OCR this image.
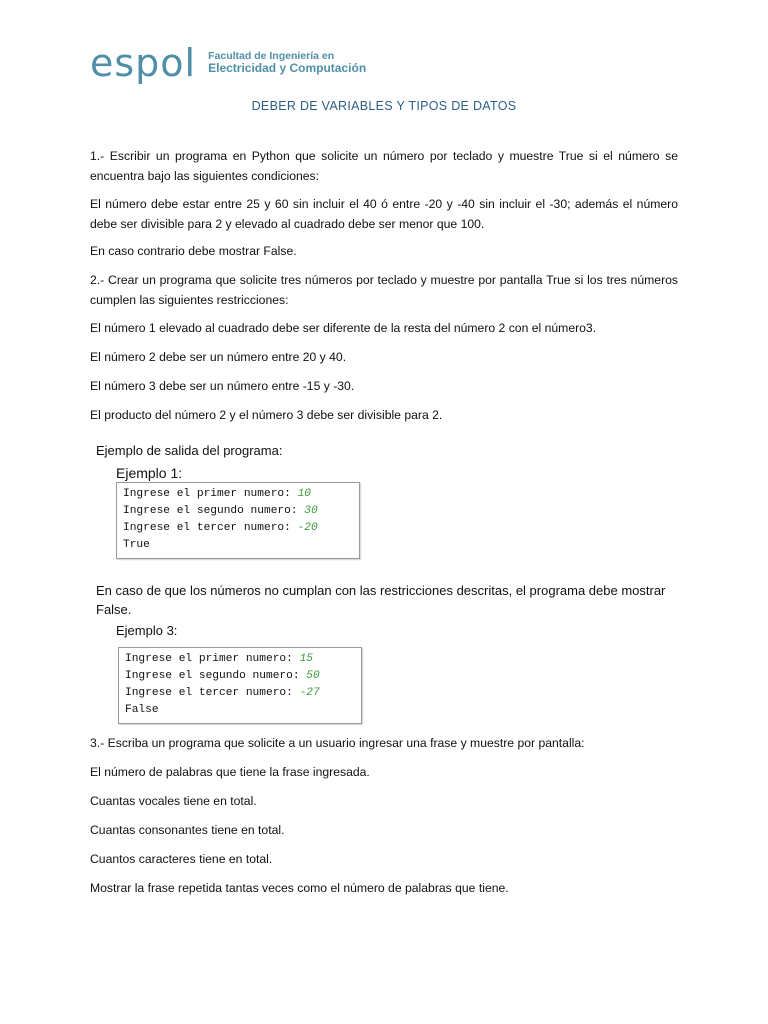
espol Facultad de Ingeniería en
Electricidad y Computación
DEBER DE VARIABLES Y TIPOS DE DATOS
1.- Escribir un programa en Python que solicite un número por teclado y muestre True si el número se encuentra bajo las siguientes condiciones:
El número debe estar entre 25 y 60 sin incluir el 40 ó entre -20 y -40 sin incluir el -30; además el número debe ser divisible para 2 y elevado al cuadrado debe ser menor que 100.
En caso contrario debe mostrar False.
2.- Crear un programa que solicite tres números por teclado y muestre por pantalla True si los tres números cumplen las siguientes restricciones:
El número 1 elevado al cuadrado debe ser diferente de la resta del número 2 con el número3.
El número 2 debe ser un número entre 20 y 40.
El número 3 debe ser un número entre -15 y -30.
El producto del número 2 y el número 3 debe ser divisible para 2.
Ejemplo de salida del programa:
Ejemplo 1:
Ingrese el primer numero: 10
Ingrese el segundo numero: 30
Ingrese el tercer numero: -20
True
En caso de que los números no cumplan con las restricciones descritas, el programa debe mostrar False.
Ejemplo 3:
Ingrese el primer numero: 15
Ingrese el segundo numero: 50
Ingrese el tercer numero: -27
False
3.- Escriba un programa que solicite a un usuario ingresar una frase y muestre por pantalla:
El número de palabras que tiene la frase ingresada.
Cuantas vocales tiene en total.
Cuantas consonantes tiene en total.
Cuantos caracteres tiene en total.
Mostrar la frase repetida tantas veces como el número de palabras que tiene.
